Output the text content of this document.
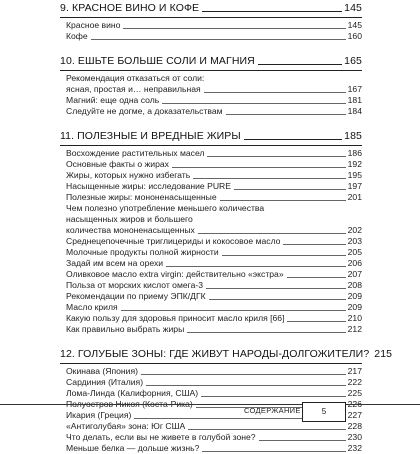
9. КРАСНОЕ ВИНО И КОФЕ	145
Красное вино	145
Кофе	160
10. ЕШЬТЕ БОЛЬШЕ СОЛИ И МАГНИЯ	165
Рекомендация отказаться от соли:
ясная, простая и… неправильная	167
Магний: еще одна соль	181
Следуйте не догме, а доказательствам	184
11. ПОЛЕЗНЫЕ И ВРЕДНЫЕ ЖИРЫ	185
Восхождение растительных масел	186
Основные факты о жирах	192
Жиры, которых нужно избегать	195
Насыщенные жиры: исследование PURE	197
Полезные жиры: мононенасыщенные	201
Чем полезно употребление меньшего количества
насыщенных жиров и большего
количества мононенасыщенных	202
Среднецепочечные триглицериды и кокосовое масло	203
Молочные продукты полной жирности	205
Задай им всем на орехи	206
Оливковое масло extra virgin: действительно «экстра»	207
Польза от морских кислот омега-3	208
Рекомендации по приему ЭПК/ДГК	209
Масло криля	209
Какую пользу для здоровья приносит масло криля [66]	210
Как правильно выбрать жиры	212
12. ГОЛУБЫЕ ЗОНЫ: ГДЕ ЖИВУТ НАРОДЫ-ДОЛГОЖИТЕЛИ? 215
Окинава (Япония)	217
Сардиния (Италия)	222
Лома-Линда (Калифорния, США)	225
Полуостров Никоя (Коста-Рика)	226
Икария (Греция)	227
«Антиголубая» зона: Юг США	228
Что делать, если вы не живете в голубой зоне?	230
Меньше белка — дольше жизнь?	232
СОДЕРЖАНИЕ	5
